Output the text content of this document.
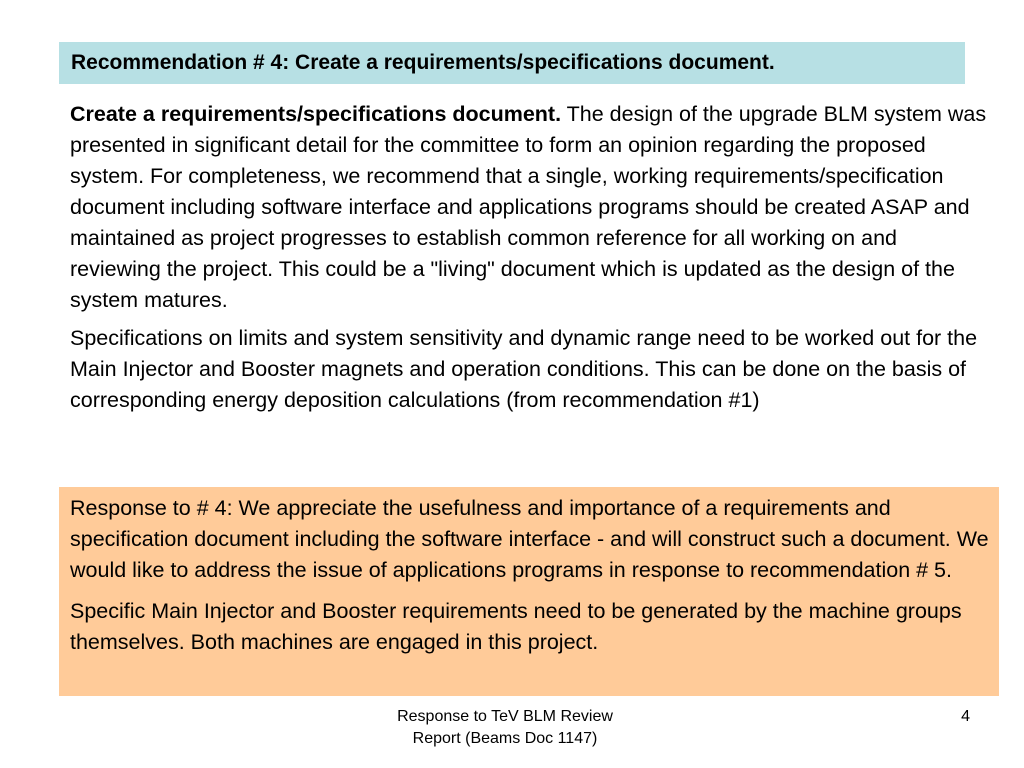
Recommendation # 4: Create a requirements/specifications document.

Create a requirements/specifications document. The design of the upgrade BLM system was presented in significant detail for the committee to form an opinion regarding the proposed system. For completeness, we recommend that a single, working requirements/specification document including software interface and applications programs should be created ASAP and maintained as project progresses to establish common reference for all working on and reviewing the project. This could be a "living" document which is updated as the design of the system matures.

Specifications on limits and system sensitivity and dynamic range need to be worked out for the Main Injector and Booster magnets and operation conditions. This can be done on the basis of corresponding energy deposition calculations (from recommendation #1)

Response to # 4: We appreciate the usefulness and importance of a requirements and specification document including the software interface - and will construct such a document. We would like to address the issue of applications programs in response to recommendation # 5.

Specific Main Injector and Booster requirements need to be generated by the machine groups themselves. Both machines are engaged in this project.

Response to TeV BLM Review
Report (Beams Doc 1147)
4
